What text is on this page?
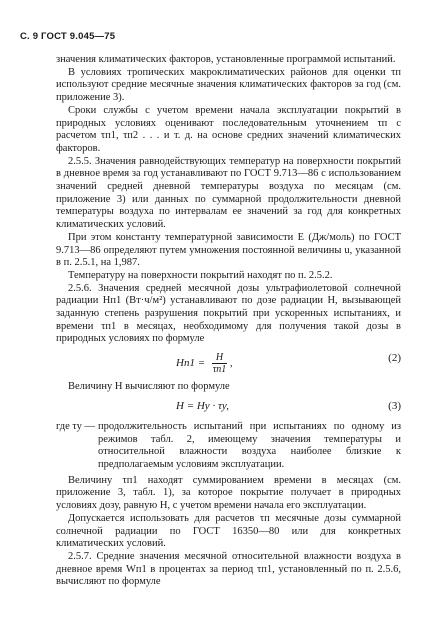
С. 9 ГОСТ 9.045—75

значения климатических факторов, установленные программой испытаний.

В условиях тропических макроклиматических районов для оценки τп используют средние месячные значения климатических факторов за год (см. приложение 3).

Сроки службы с учетом времени начала эксплуатации покрытий в природных условиях оценивают последовательным уточнением τп с расчетом τп1, τп2 . . . и т. д. на основе средних значений климатических факторов.

2.5.5. Значения равнодействующих температур на поверхности покрытий в дневное время за год устанавливают по ГОСТ 9.713—86 с использованием значений средней дневной температуры воздуха по месяцам (см. приложение 3) или данных по суммарной продолжительности дневной температуры воздуха по интервалам ее значений за год для конкретных климатических условий.

При этом константу температурной зависимости E (Дж/моль) по ГОСТ 9.713—86 определяют путем умножения постоянной величины u, указанной в п. 2.5.1, на 1,987.

Температуру на поверхности покрытий находят по п. 2.5.2.

2.5.6. Значения средней месячной дозы ультрафиолетовой солнечной радиации Hп1 (Вт·ч/м²) устанавливают по дозе радиации H, вызывающей заданную степень разрушения покрытий при ускоренных испытаниях, и времени τп1 в месяцах, необходимому для получения такой дозы в природных условиях по формуле

$Hп1 = \frac{H}{\tau п1}$ ,	(2)

Величину H вычисляют по формуле

H = Hу · τу,	(3)
где τу — продолжительность испытаний при испытаниях по одному из режимов табл. 2, имеющему значения температуры и относительной влажности воздуха наиболее близкие к предполагаемым условиям эксплуатации.

Величину τп1 находят суммированием времени в месяцах (см. приложение 3, табл. 1), за которое покрытие получает в природных условиях дозу, равную H, с учетом времени начала его эксплуатации.

Допускается использовать для расчетов τп месячные дозы суммарной солнечной радиации по ГОСТ 16350—80 или для конкретных климатических условий.

2.5.7. Средние значения месячной относительной влажности воздуха в дневное время Wп1 в процентах за период τп1, установленный по п. 2.5.6, вычисляют по формуле
